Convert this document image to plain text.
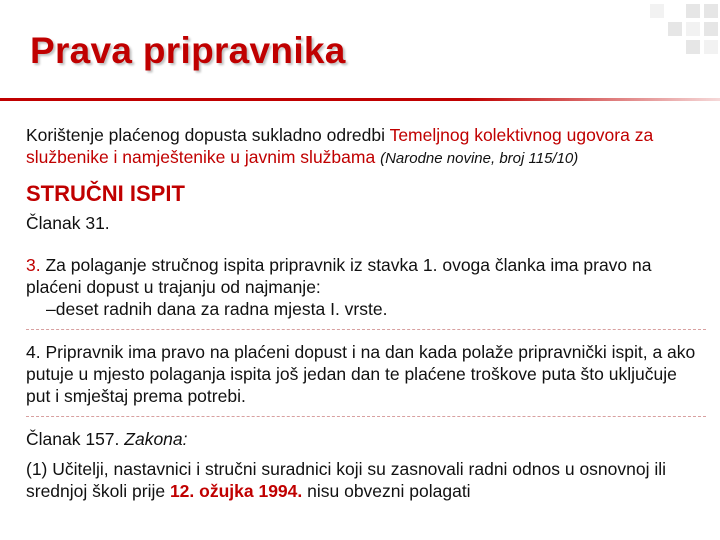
Prava pripravnika

Korištenje plaćenog dopusta sukladno odredbi Temeljnog kolektivnog ugovora za službenike i namještenike u javnim službama (Narodne novine, broj 115/10)

STRUČNI ISPIT

Članak 31.

3. Za polaganje stručnog ispita pripravnik iz stavka 1. ovoga članka ima pravo na plaćeni dopust u trajanju od najmanje:

–deset radnih dana za radna mjesta I. vrste.

4. Pripravnik ima pravo na plaćeni dopust i na dan kada polaže pripravnički ispit, a ako putuje u mjesto polaganja ispita još jedan dan te plaćene troškove puta što uključuje put i smještaj prema potrebi.

Članak 157. Zakona:

(1) Učitelji, nastavnici i stručni suradnici koji su zasnovali radni odnos u osnovnoj ili srednjoj školi prije 12. ožujka 1994. nisu obvezni polagati
